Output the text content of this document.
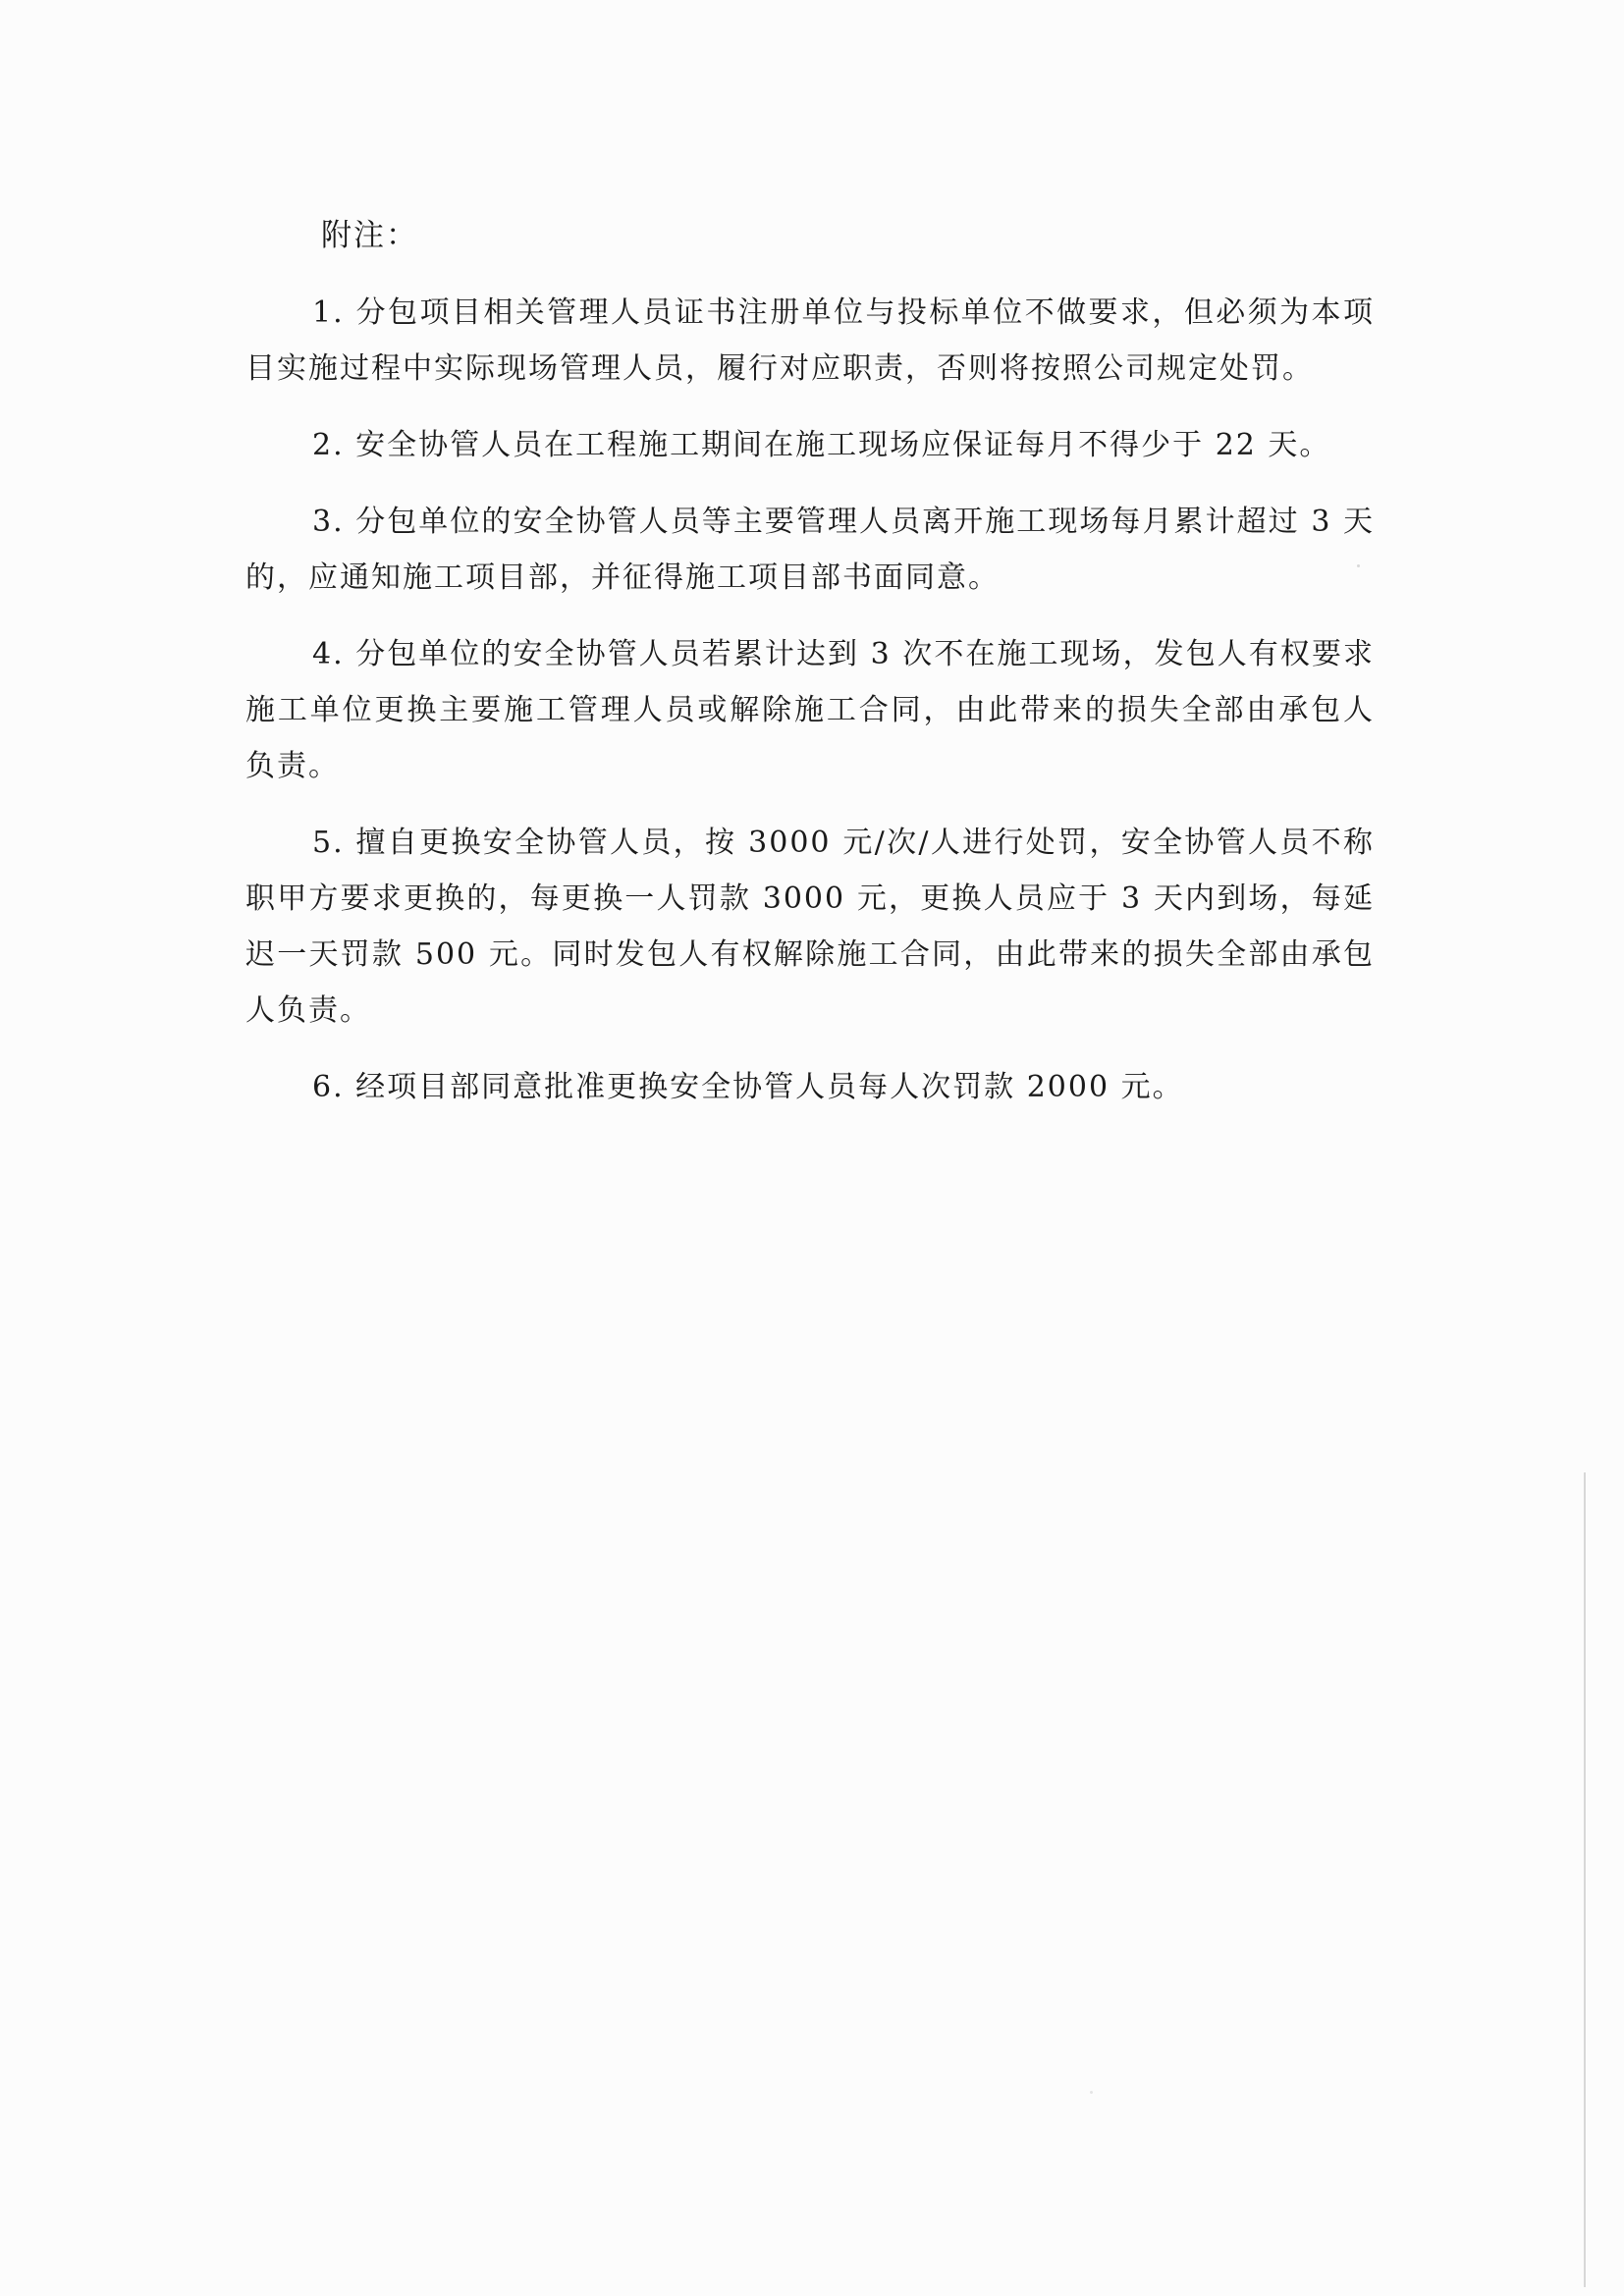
附注：

1. 分包项目相关管理人员证书注册单位与投标单位不做要求，但必须为本项目实施过程中实际现场管理人员，履行对应职责，否则将按照公司规定处罚。

2. 安全协管人员在工程施工期间在施工现场应保证每月不得少于 22 天。

3. 分包单位的安全协管人员等主要管理人员离开施工现场每月累计超过 3 天的，应通知施工项目部，并征得施工项目部书面同意。

4. 分包单位的安全协管人员若累计达到 3 次不在施工现场，发包人有权要求施工单位更换主要施工管理人员或解除施工合同，由此带来的损失全部由承包人负责。

5. 擅自更换安全协管人员，按 3000 元/次/人进行处罚，安全协管人员不称职甲方要求更换的，每更换一人罚款 3000 元，更换人员应于 3 天内到场，每延迟一天罚款 500 元。同时发包人有权解除施工合同，由此带来的损失全部由承包人负责。

6. 经项目部同意批准更换安全协管人员每人次罚款 2000 元。
